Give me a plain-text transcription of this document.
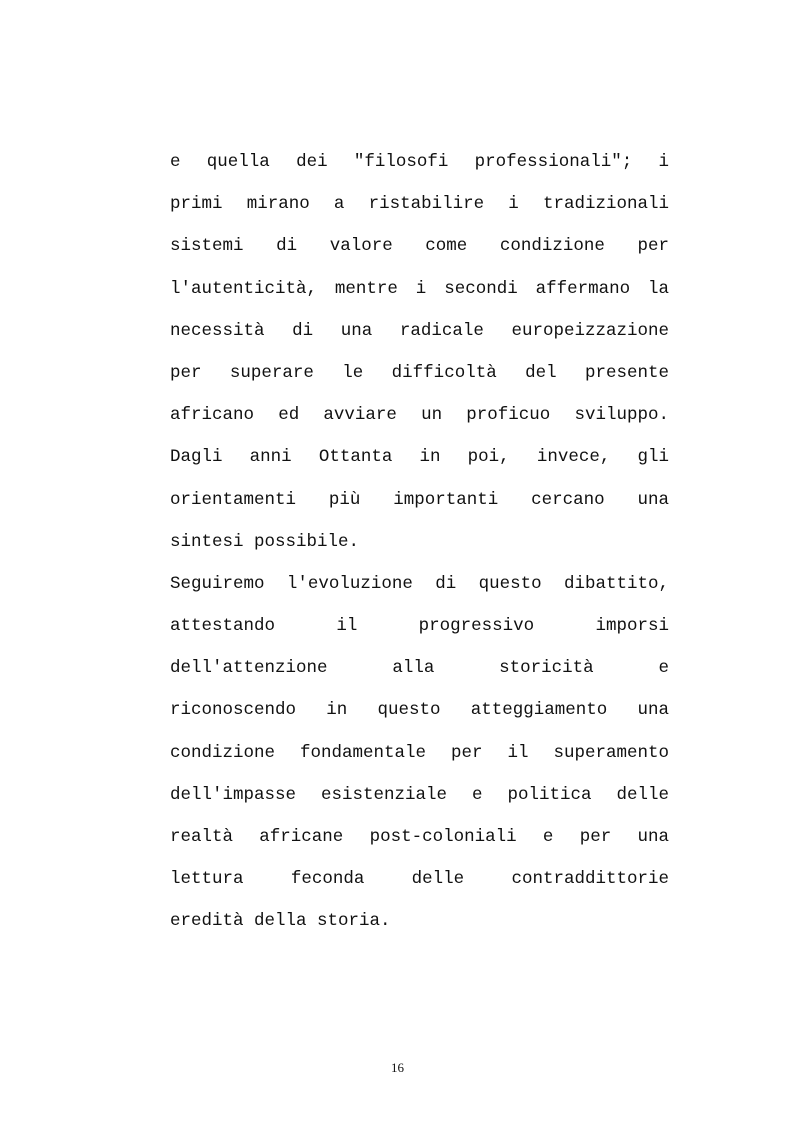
e quella dei "filosofi professionali"; i
primi mirano a ristabilire i tradizionali
sistemi di valore come condizione per
l'autenticità, mentre i secondi affermano la
necessità di una radicale europeizzazione
per superare le difficoltà del presente
africano ed avviare un proficuo sviluppo.
Dagli anni Ottanta in poi, invece, gli
orientamenti più importanti cercano una
sintesi possibile.
Seguiremo l'evoluzione di questo dibattito,
attestando il progressivo imporsi
dell'attenzione alla storicità e
riconoscendo in questo atteggiamento una
condizione fondamentale per il superamento
dell'impasse esistenziale e politica delle
realtà africane post-coloniali e per una
lettura feconda delle contraddittorie
eredità della storia.
16
